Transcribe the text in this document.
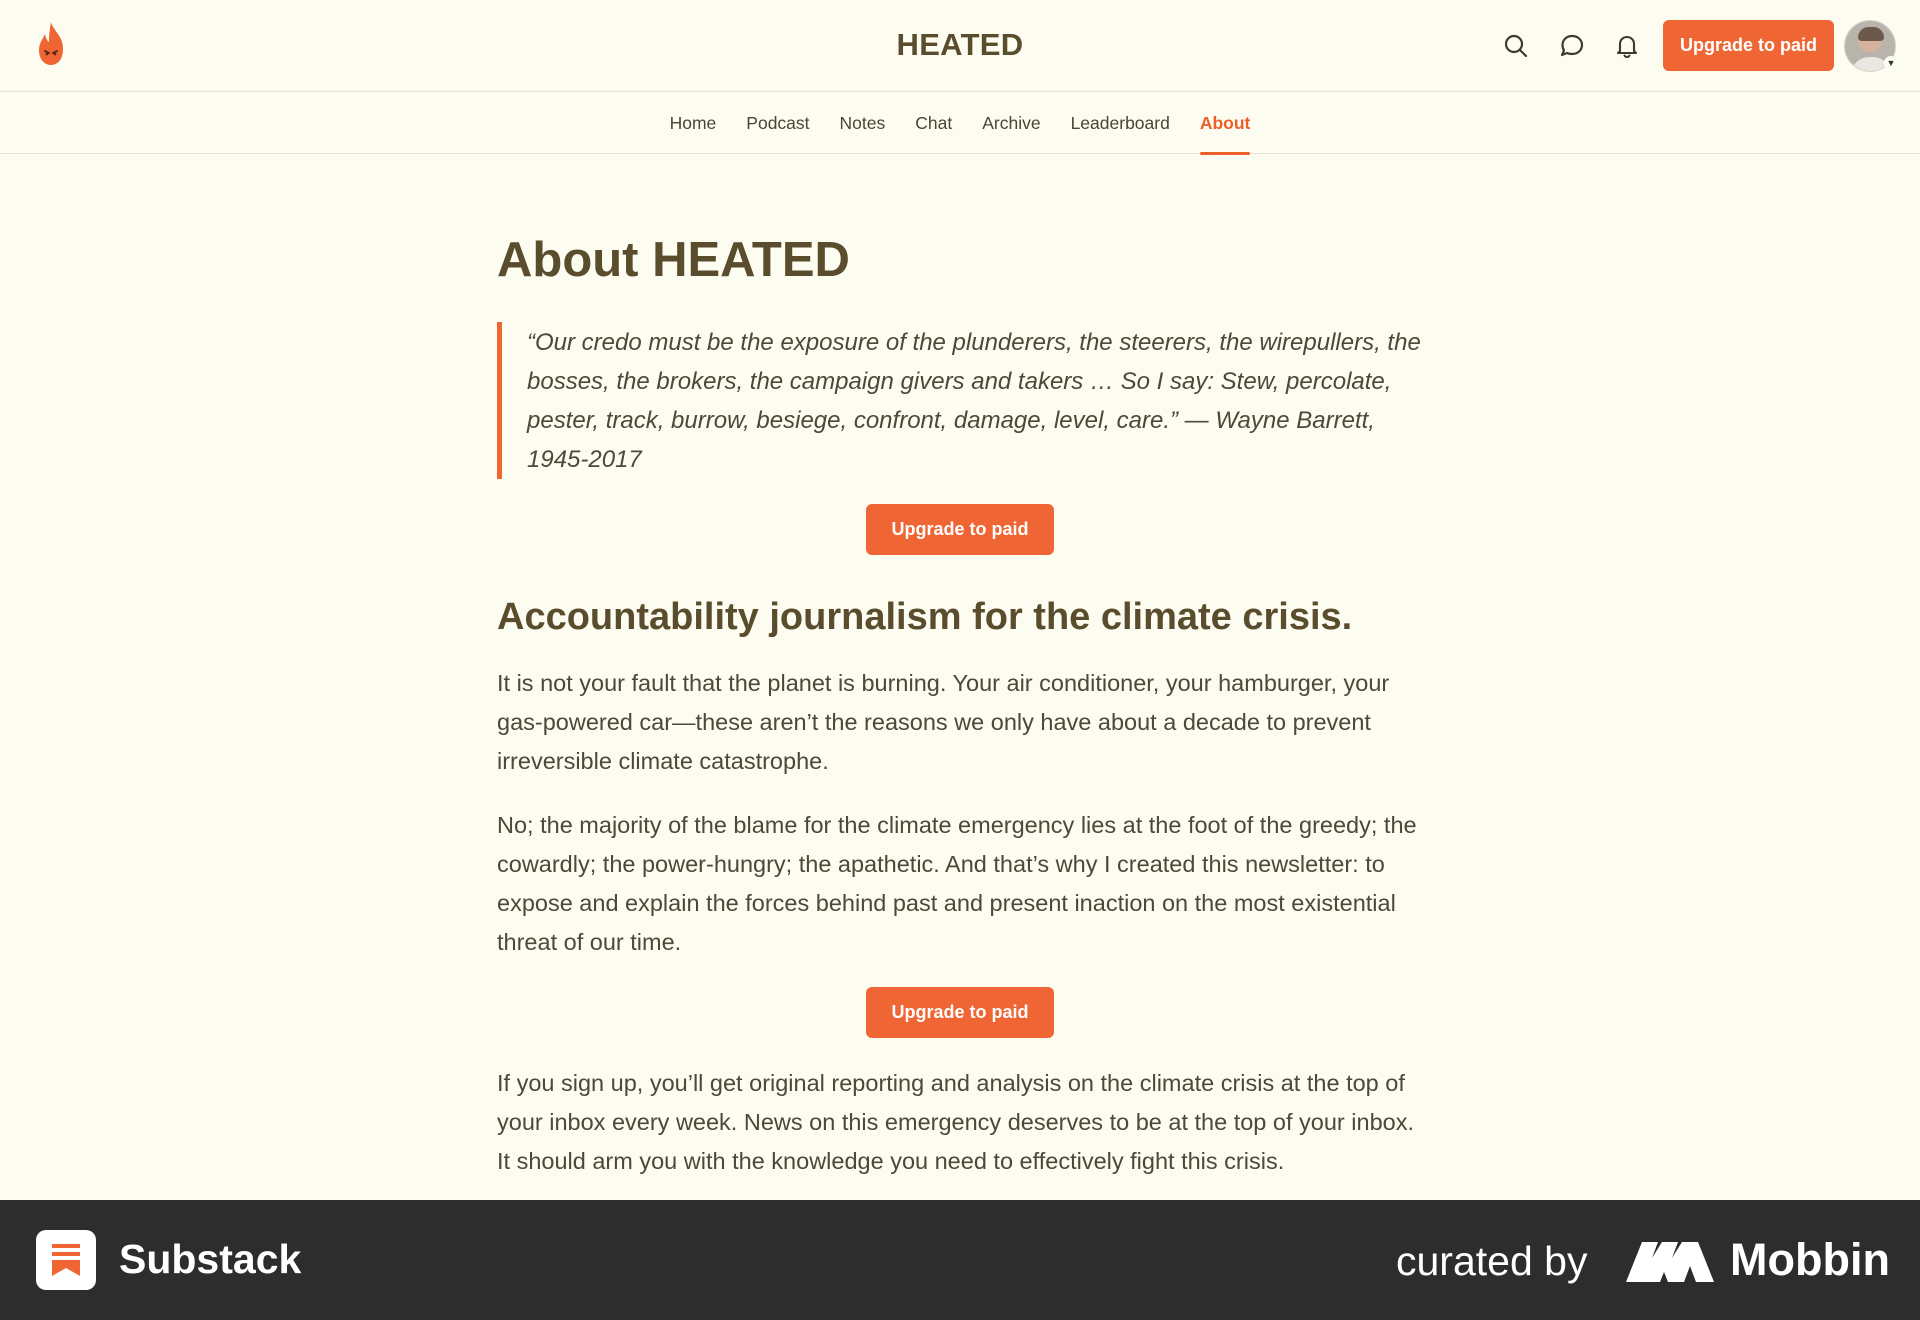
HEATED	Upgrade to paid
▼
Home Podcast Notes Chat Archive Leaderboard About
About HEATED
“Our credo must be the exposure of the plunderers, the steerers, the wirepullers, the bosses, the brokers, the campaign givers and takers … So I say: Stew, percolate, pester, track, burrow, besiege, confront, damage, level, care.” — Wayne Barrett, 1945-2017
Upgrade to paid
Accountability journalism for the climate crisis.

It is not your fault that the planet is burning. Your air conditioner, your hamburger, your gas-powered car—these aren’t the reasons we only have about a decade to prevent irreversible climate catastrophe.

No; the majority of the blame for the climate emergency lies at the foot of the greedy; the cowardly; the power-hungry; the apathetic. And that’s why I created this newsletter: to expose and explain the forces behind past and present inaction on the most existential threat of our time.

Upgrade to paid

If you sign up, you’ll get original reporting and analysis on the climate crisis at the top of your inbox every week. News on this emergency deserves to be at the top of your inbox. It should arm you with the knowledge you need to effectively fight this crisis.

Substack	curated by	Mobbin
